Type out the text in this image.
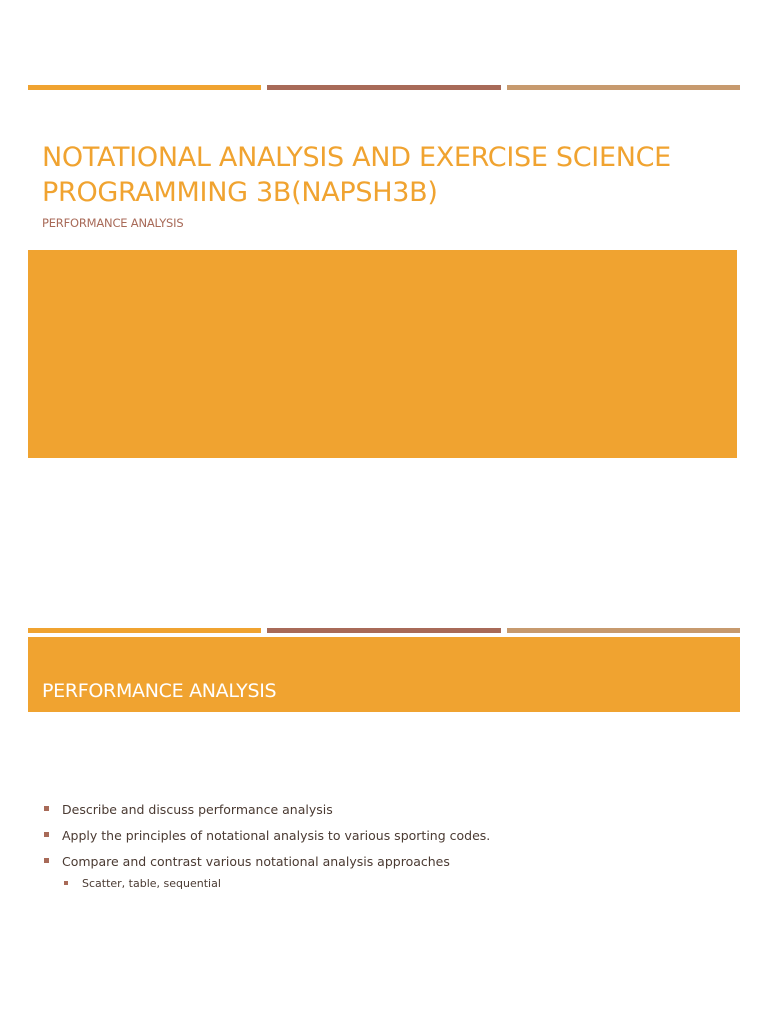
NOTATIONAL ANALYSIS AND EXERCISE SCIENCE PROGRAMMING 3B(NAPSH3B)

PERFORMANCE ANALYSIS

PERFORMANCE ANALYSIS
Describe and discuss performance analysis
Apply the principles of notational analysis to various sporting codes.
Compare and contrast various notational analysis approaches
Scatter, table, sequential
